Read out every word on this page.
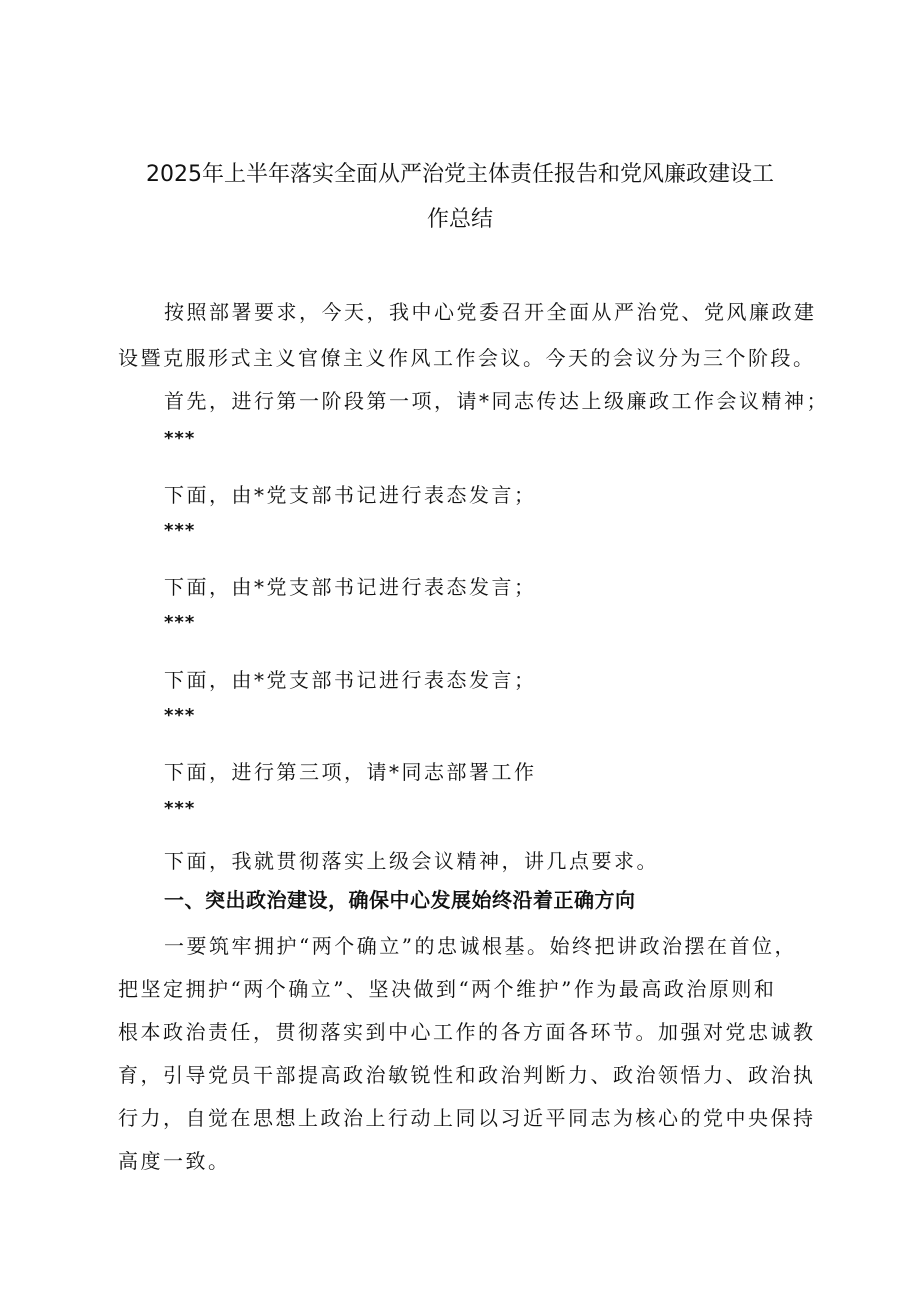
2025年上半年落实全面从严治党主体责任报告和党风廉政建设工
作总结
按照部署要求，今天，我中心党委召开全面从严治党、党风廉政建
设暨克服形式主义官僚主义作风工作会议。今天的会议分为三个阶段。
首先，进行第一阶段第一项，请*同志传达上级廉政工作会议精神；
***
下面，由*党支部书记进行表态发言；
***
下面，由*党支部书记进行表态发言；
***
下面，由*党支部书记进行表态发言；
***
下面，进行第三项，请*同志部署工作
***
下面，我就贯彻落实上级会议精神，讲几点要求。
一、突出政治建设，确保中心发展始终沿着正确方向
一要筑牢拥护“两个确立”的忠诚根基。始终把讲政治摆在首位，
把坚定拥护“两个确立”、坚决做到“两个维护”作为最高政治原则和
根本政治责任，贯彻落实到中心工作的各方面各环节。加强对党忠诚教
育，引导党员干部提高政治敏锐性和政治判断力、政治领悟力、政治执
行力，自觉在思想上政治上行动上同以习近平同志为核心的党中央保持
高度一致。
